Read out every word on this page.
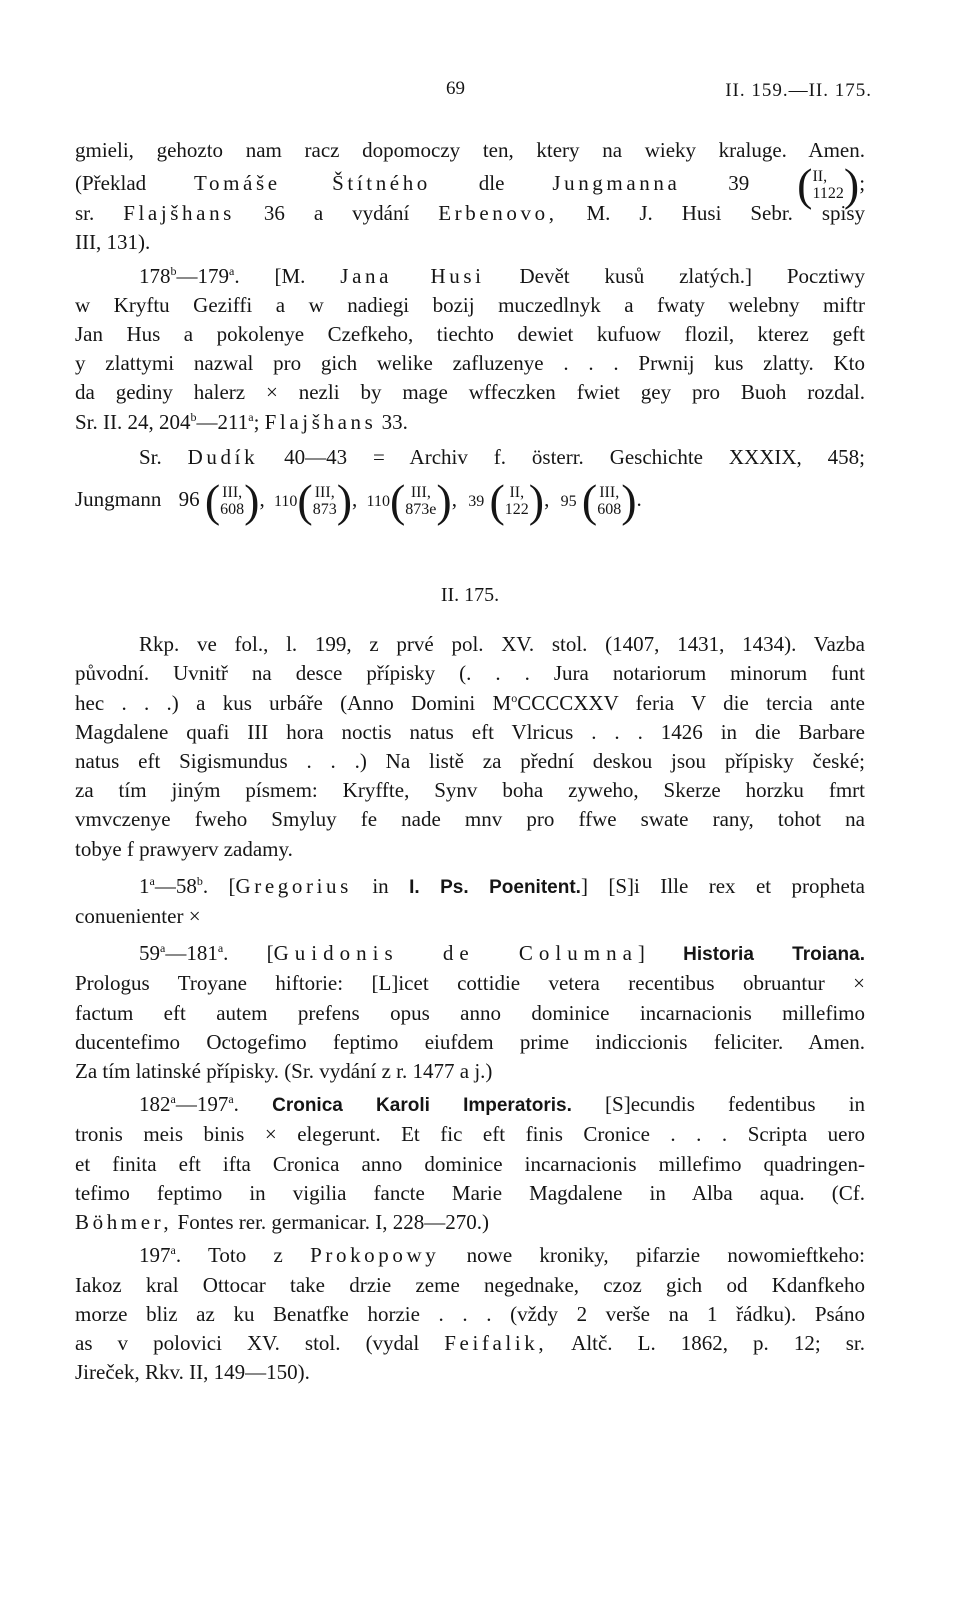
69	II. 159.—II. 175.
gmieli, gehozto nam racz dopomoczy ten, ktery na wieky kraluge. Amen.
(Překlad Tomáše Štítného dle Jungmanna 39 ( II,
1122 );
sr. Flajšhans 36 a vydání Erbenovo, M. J. Husi Sebr. spisy
III, 131).
178$^b$—179$^a$. [M. Jana Husi Devět kusů zlatých.] Pocztiwy
w Kryftu Geziffi a w nadiegi bozij muczedlnyk a fwaty welebny miftr
Jan Hus a pokolenye Czefkeho, tiechto dewiet kufuow flozil, kterez geft
y zlattymi nazwal pro gich welike zafluzenye . . . Prwnij kus zlatty. Kto
da gediny halerz × nezli by mage wffeczken fwiet gey pro Buoh rozdal.
Sr. II. 24, 204$^b$—211$^a$; Flajšhans 33.
Sr. Dudík 40—43 = Archiv f. österr. Geschichte XXXIX, 458;
Jungmann 96 ( III,
608 ), 110( III,
873 ), 110( III,
873e ), 39 ( II,
122 ), 95 ( III,
608 ).
II. 175.
Rkp. ve fol., l. 199, z prvé pol. XV. stol. (1407, 1431, 1434). Vazba
původní. Uvnitř na desce přípisky (. . . Jura notariorum minorum funt
hec . . .) a kus urbáře (Anno Domini $M^oCCCCXXV$ feria V die tercia ante
Magdalene quafi III hora noctis natus eft Vlricus . . . 1426 in die Barbare
natus eft Sigismundus . . .) Na listě za přední deskou jsou přípisky české;
za tím jiným písmem: Kryffte, Synv boha zyweho, Skerze horzku fmrt
vmvczenye fweho Smyluy fe nade mnv pro ffwe swate rany, tohot na
tobye f prawyerv zadamy.
1$^a$—58$^b$. [Gregorius in I. Ps. Poenitent.] [S]i Ille rex et propheta
conuenienter ×
$59^a—181^a$. [Guidonis de Columna] Historia Troiana.
Prologus Troyane hiftorie: [L]icet cottidie vetera recentibus obruantur ×
factum eft autem prefens opus anno dominice incarnacionis millefimo
ducentefimo Octogefimo feptimo eiufdem prime indiccionis feliciter. Amen.
Za tím latinské přípisky. (Sr. vydání z r. 1477 a j.)
182$^a$—197$^a$. Cronica Karoli Imperatoris. [S]ecundis fedentibus in
tronis meis binis × elegerunt. Et fic eft finis Cronice . . . Scripta uero
et finita eft ifta Cronica anno dominice incarnacionis millefimo quadringen-
tefimo feptimo in vigilia fancte Marie Magdalene in Alba aqua. (Cf.
Böhmer, Fontes rer. germanicar. I, 228—270.)
197$^a$. Toto z Prokopowy nowe kroniky, pifarzie nowomieftkeho:
Iakoz kral Ottocar take drzie zeme negednake, czoz gich od Kdanfkeho
morze bliz az ku Benatfke horzie . . . (vždy 2 verše na 1 řádku). Psáno
as v polovici XV. stol. (vydal Feifalik, Altč. L. 1862, p. 12; sr.
Jireček, Rkv. II, 149—150).
